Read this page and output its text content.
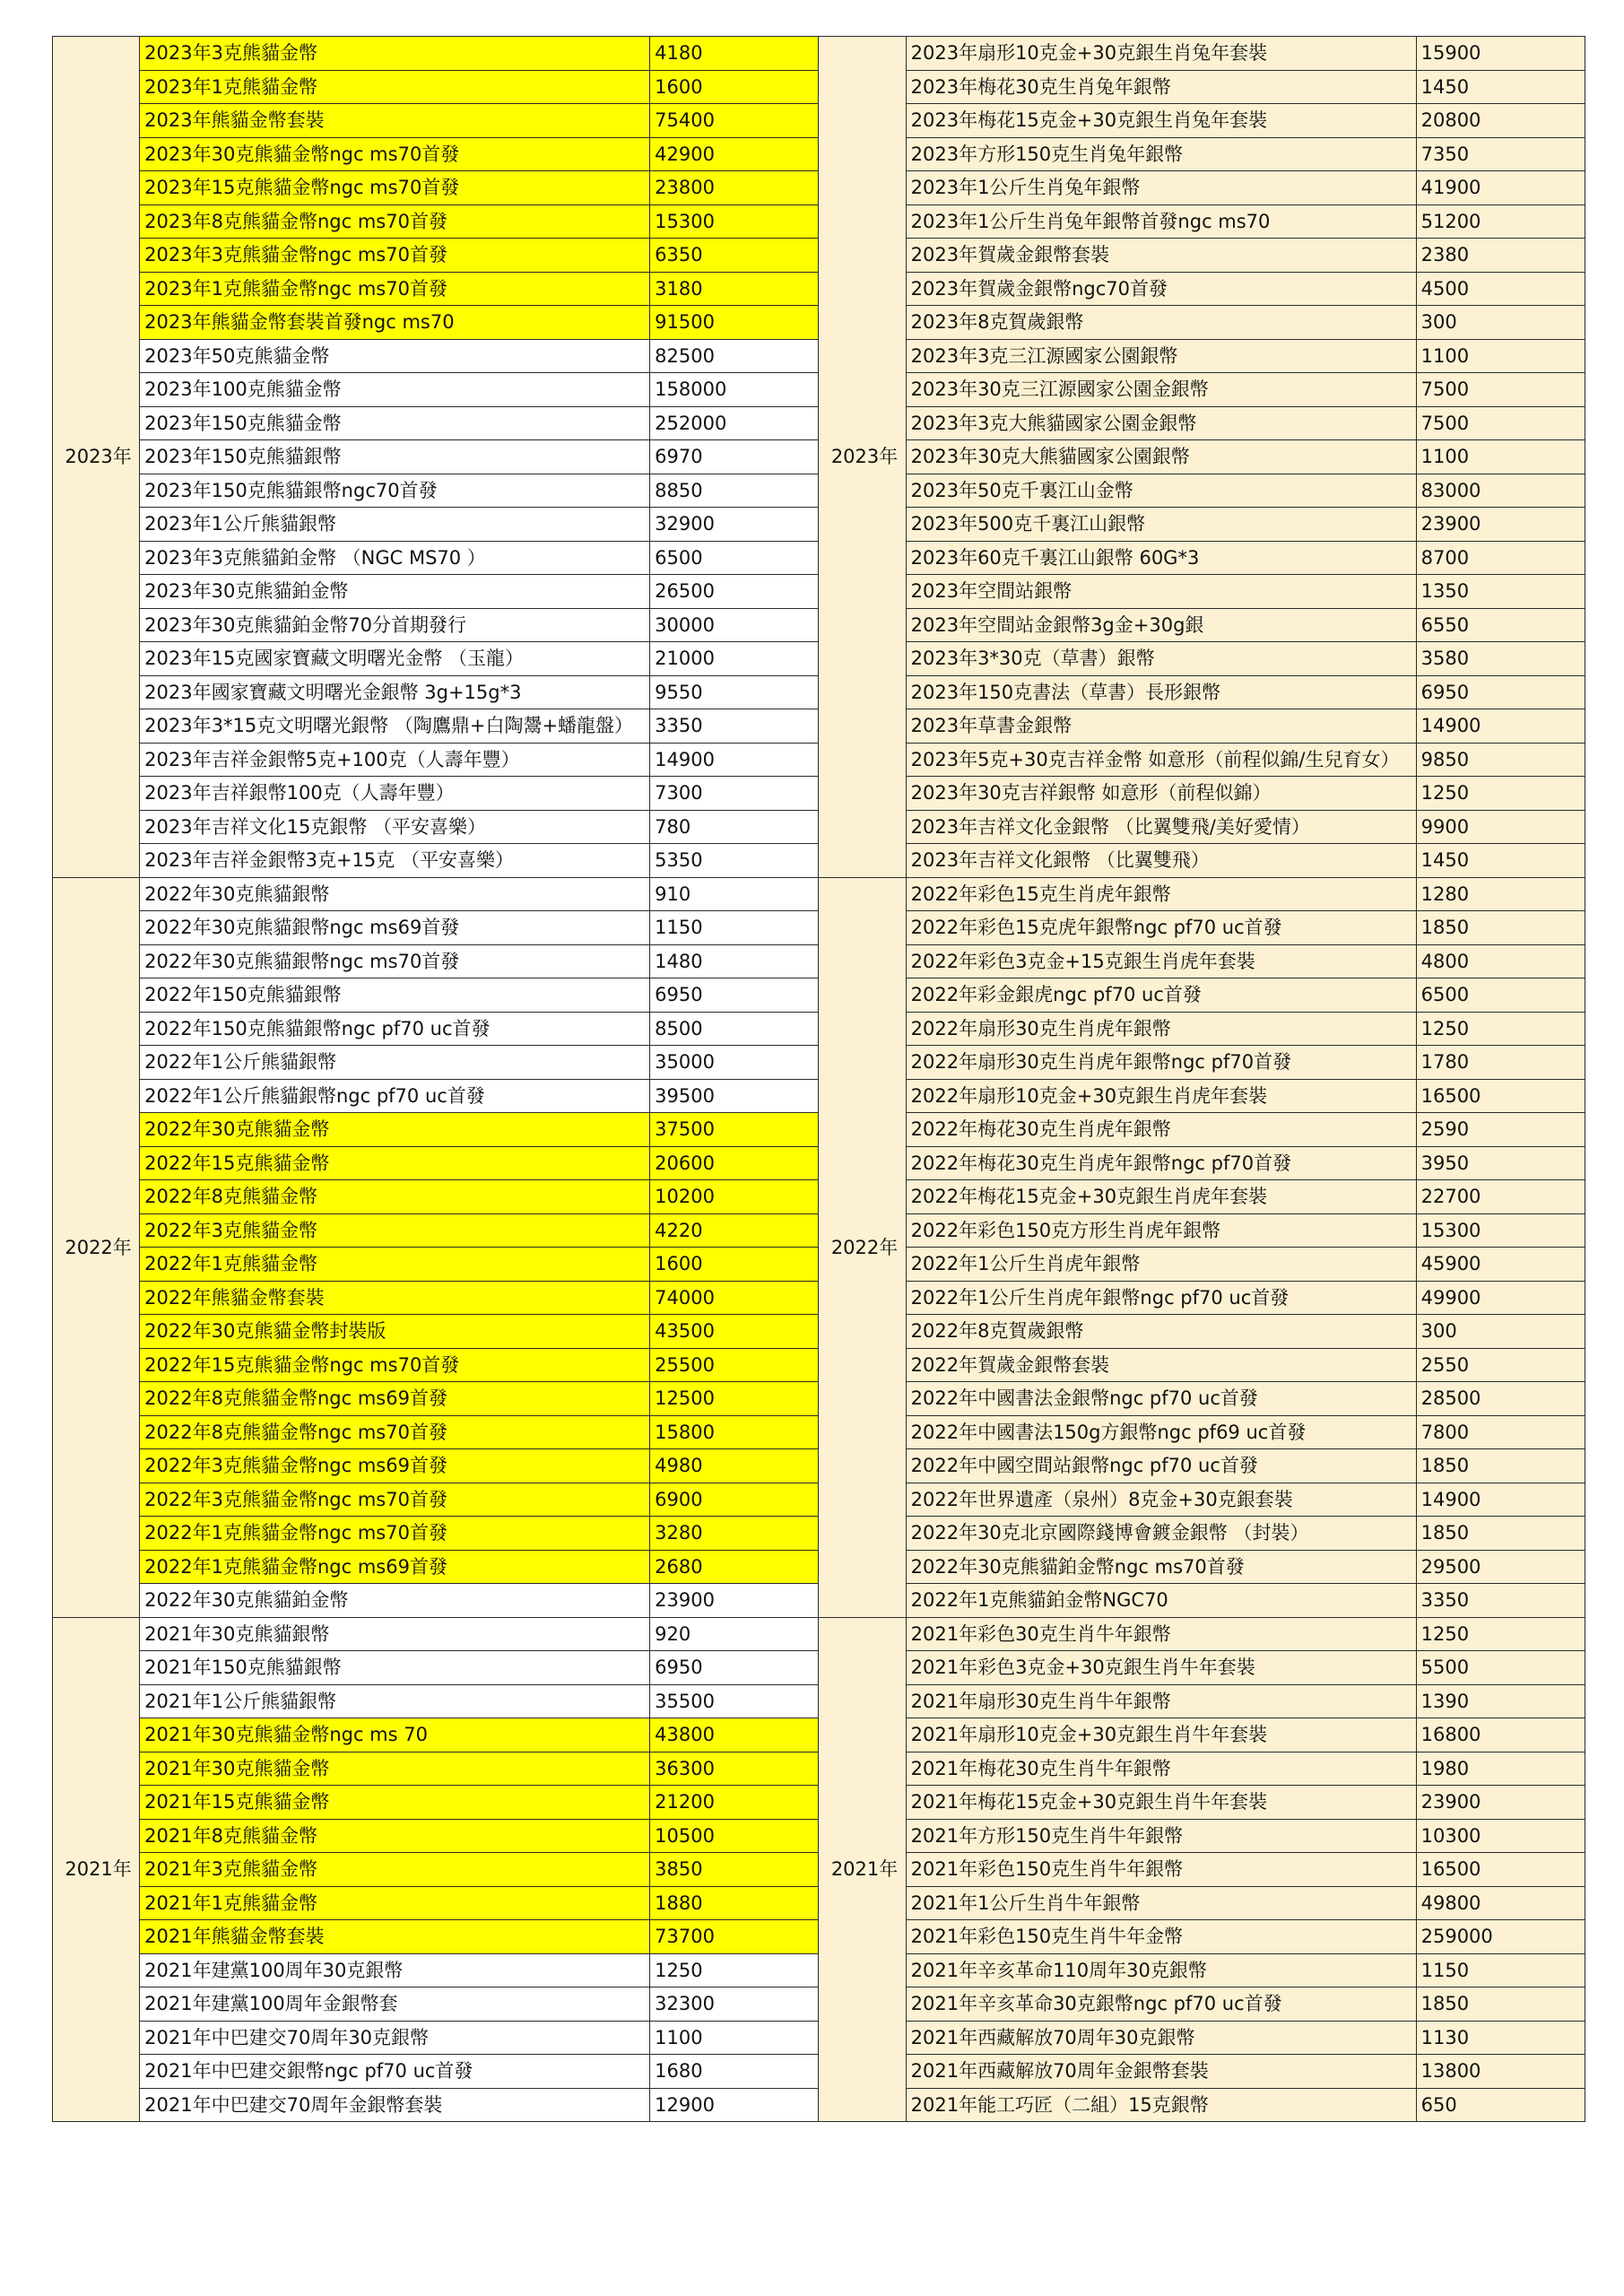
2023年	2023年3克熊貓金幣	4180	2023年	2023年扇形10克金+30克銀生肖兔年套裝	15900
	2023年1克熊貓金幣	1600		2023年梅花30克生肖兔年銀幣	1450
	2023年熊貓金幣套裝	75400		2023年梅花15克金+30克銀生肖兔年套裝	20800
	2023年30克熊貓金幣ngc ms70首發	42900		2023年方形150克生肖兔年銀幣	7350
	2023年15克熊貓金幣ngc ms70首發	23800		2023年1公斤生肖兔年銀幣	41900
	2023年8克熊貓金幣ngc ms70首發	15300		2023年1公斤生肖兔年銀幣首發ngc ms70	51200
	2023年3克熊貓金幣ngc ms70首發	6350		2023年賀歲金銀幣套裝	2380
	2023年1克熊貓金幣ngc ms70首發	3180		2023年賀歲金銀幣ngc70首發	4500
	2023年熊貓金幣套裝首發ngc ms70	91500		2023年8克賀歲銀幣	300
	2023年50克熊貓金幣	82500		2023年3克三江源國家公園銀幣	1100
	2023年100克熊貓金幣	158000		2023年30克三江源國家公園金銀幣	7500
	2023年150克熊貓金幣	252000		2023年3克大熊貓國家公園金銀幣	7500
	2023年150克熊貓銀幣	6970		2023年30克大熊貓國家公園銀幣	1100
	2023年150克熊貓銀幣ngc70首發	8850		2023年50克千裏江山金幣	83000
	2023年1公斤熊貓銀幣	32900		2023年500克千裏江山銀幣	23900
	2023年3克熊貓鉑金幣 （NGC MS70 ）	6500		2023年60克千裏江山銀幣 60G*3	8700
	2023年30克熊貓鉑金幣	26500		2023年空間站銀幣	1350
	2023年30克熊貓鉑金幣70分首期發行	30000		2023年空間站金銀幣3g金+30g銀	6550
	2023年15克國家寶藏文明曙光金幣 （玉龍）	21000		2023年3*30克（草書）銀幣	3580
	2023年國家寶藏文明曙光金銀幣 3g+15g*3	9550		2023年150克書法（草書）長形銀幣	6950
	2023年3*15克文明曙光銀幣 （陶鷹鼎+白陶鬹+蟠龍盤）	3350		2023年草書金銀幣	14900
	2023年吉祥金銀幣5克+100克（人壽年豐）	14900		2023年5克+30克吉祥金幣 如意形（前程似錦/生兒育女）	9850
	2023年吉祥銀幣100克（人壽年豐）	7300		2023年30克吉祥銀幣 如意形（前程似錦）	1250
	2023年吉祥文化15克銀幣 （平安喜樂）	780		2023年吉祥文化金銀幣 （比翼雙飛/美好愛情）	9900
	2023年吉祥金銀幣3克+15克 （平安喜樂）	5350		2023年吉祥文化銀幣 （比翼雙飛）	1450
2022年	2022年30克熊貓銀幣	910	2022年	2022年彩色15克生肖虎年銀幣	1280
	2022年30克熊貓銀幣ngc ms69首發	1150		2022年彩色15克虎年銀幣ngc pf70 uc首發	1850
	2022年30克熊貓銀幣ngc ms70首發	1480		2022年彩色3克金+15克銀生肖虎年套裝	4800
	2022年150克熊貓銀幣	6950		2022年彩金銀虎ngc pf70 uc首發	6500
	2022年150克熊貓銀幣ngc pf70 uc首發	8500		2022年扇形30克生肖虎年銀幣	1250
	2022年1公斤熊貓銀幣	35000		2022年扇形30克生肖虎年銀幣ngc pf70首發	1780
	2022年1公斤熊貓銀幣ngc pf70 uc首發	39500		2022年扇形10克金+30克銀生肖虎年套裝	16500
	2022年30克熊貓金幣	37500		2022年梅花30克生肖虎年銀幣	2590
	2022年15克熊貓金幣	20600		2022年梅花30克生肖虎年銀幣ngc pf70首發	3950
	2022年8克熊貓金幣	10200		2022年梅花15克金+30克銀生肖虎年套裝	22700
	2022年3克熊貓金幣	4220		2022年彩色150克方形生肖虎年銀幣	15300
	2022年1克熊貓金幣	1600		2022年1公斤生肖虎年銀幣	45900
	2022年熊貓金幣套裝	74000		2022年1公斤生肖虎年銀幣ngc pf70 uc首發	49900
	2022年30克熊貓金幣封裝版	43500		2022年8克賀歲銀幣	300
	2022年15克熊貓金幣ngc ms70首發	25500		2022年賀歲金銀幣套裝	2550
	2022年8克熊貓金幣ngc ms69首發	12500		2022年中國書法金銀幣ngc pf70 uc首發	28500
	2022年8克熊貓金幣ngc ms70首發	15800		2022年中國書法150g方銀幣ngc pf69 uc首發	7800
	2022年3克熊貓金幣ngc ms69首發	4980		2022年中國空間站銀幣ngc pf70 uc首發	1850
	2022年3克熊貓金幣ngc ms70首發	6900		2022年世界遺產（泉州）8克金+30克銀套裝	14900
	2022年1克熊貓金幣ngc ms70首發	3280		2022年30克北京國際錢博會鍍金銀幣 （封裝）	1850
	2022年1克熊貓金幣ngc ms69首發	2680		2022年30克熊貓鉑金幣ngc ms70首發	29500
	2022年30克熊貓鉑金幣	23900		2022年1克熊貓鉑金幣NGC70	3350
2021年	2021年30克熊貓銀幣	920	2021年	2021年彩色30克生肖牛年銀幣	1250
	2021年150克熊貓銀幣	6950		2021年彩色3克金+30克銀生肖牛年套裝	5500
	2021年1公斤熊貓銀幣	35500		2021年扇形30克生肖牛年銀幣	1390
	2021年30克熊貓金幣ngc ms 70	43800		2021年扇形10克金+30克銀生肖牛年套裝	16800
	2021年30克熊貓金幣	36300		2021年梅花30克生肖牛年銀幣	1980
	2021年15克熊貓金幣	21200		2021年梅花15克金+30克銀生肖牛年套裝	23900
	2021年8克熊貓金幣	10500		2021年方形150克生肖牛年銀幣	10300
	2021年3克熊貓金幣	3850		2021年彩色150克生肖牛年銀幣	16500
	2021年1克熊貓金幣	1880		2021年1公斤生肖牛年銀幣	49800
	2021年熊貓金幣套裝	73700		2021年彩色150克生肖牛年金幣	259000
	2021年建黨100周年30克銀幣	1250		2021年辛亥革命110周年30克銀幣	1150
	2021年建黨100周年金銀幣套	32300		2021年辛亥革命30克銀幣ngc pf70 uc首發	1850
	2021年中巴建交70周年30克銀幣	1100		2021年西藏解放70周年30克銀幣	1130
	2021年中巴建交銀幣ngc pf70 uc首發	1680		2021年西藏解放70周年金銀幣套裝	13800
	2021年中巴建交70周年金銀幣套裝	12900		2021年能工巧匠（二組）15克銀幣	650
